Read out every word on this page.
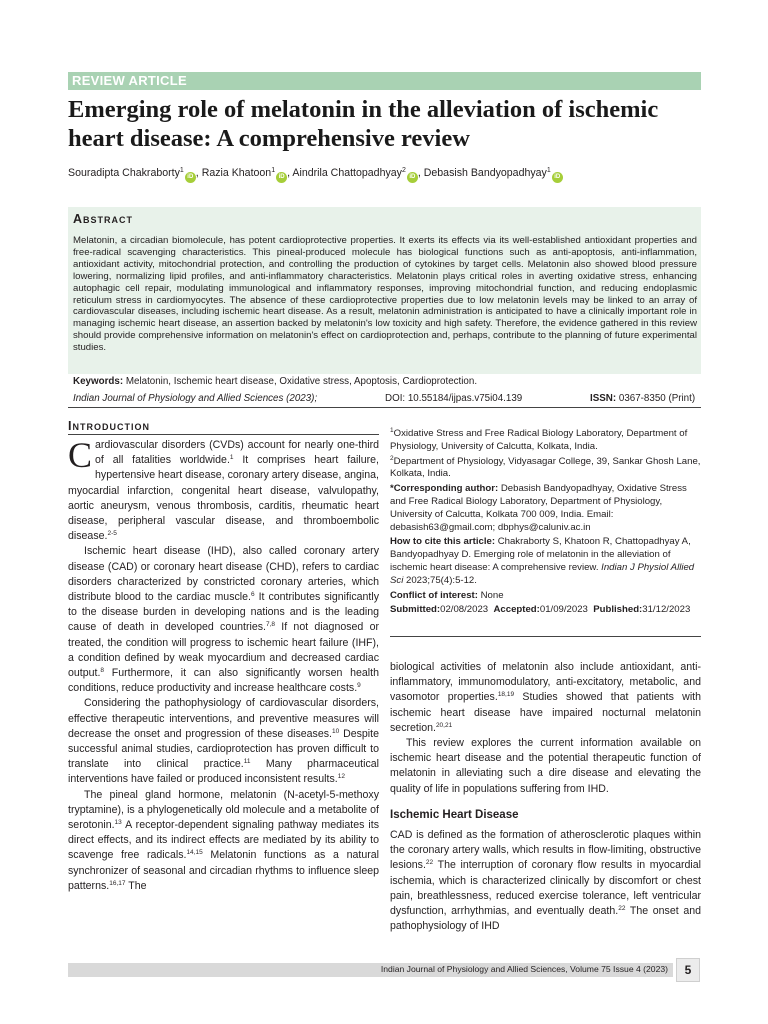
REVIEW ARTICLE
Emerging role of melatonin in the alleviation of ischemic heart disease: A comprehensive review
Souradipta Chakraborty$^1$iD , Razia Khatoon$^1$iD , Aindrila Chattopadhyay$^2$iD , Debasish Bandyopadhyay$^1$iD
Abstract

Melatonin, a circadian biomolecule, has potent cardioprotective properties. It exerts its effects via its well-established antioxidant properties and free-radical scavenging characteristics. This pineal-produced molecule has biological functions such as anti-apoptosis, anti-inflammation, antioxidant activity, mitochondrial protection, and controlling the production of cytokines by target cells. Melatonin also showed blood pressure lowering, normalizing lipid profiles, and anti-inflammatory characteristics. Melatonin plays critical roles in averting oxidative stress, enhancing autophagic cell repair, modulating immunological and inflammatory responses, improving mitochondrial function, and reducing endoplasmic reticulum stress in cardiomyocytes. The absence of these cardioprotective properties due to low melatonin levels may be linked to an array of cardiovascular diseases, including ischemic heart disease. As a result, melatonin administration is anticipated to have a clinically important role in managing ischemic heart disease, an assertion backed by melatonin's low toxicity and high safety. Therefore, the evidence gathered in this review should provide comprehensive information on melatonin's effect on cardioprotection and, perhaps, contribute to the planning of future experimental studies.

Keywords: Melatonin, Ischemic heart disease, Oxidative stress, Apoptosis, Cardioprotection.
Indian Journal of Physiology and Allied Sciences (2023);	DOI: 10.55184/ijpas.v75i04.139	ISSN: 0367-8350 (Print)
Introduction

Cardiovascular disorders (CVDs) account for nearly one-third of all fatalities worldwide.$^1$ It comprises heart failure, hypertensive heart disease, coronary artery disease, angina, myocardial infarction, congenital heart disease, valvulopathy, aortic aneurysm, venous thrombosis, carditis, rheumatic heart disease, peripheral vascular disease, and thromboembolic disease.$^{2-5}$

Ischemic heart disease (IHD), also called coronary artery disease (CAD) or coronary heart disease (CHD), refers to cardiac disorders characterized by constricted coronary arteries, which distribute blood to the cardiac muscle.$^6$ It contributes significantly to the disease burden in developing nations and is the leading cause of death in developed countries.$^{7,8}$ If not diagnosed or treated, the condition will progress to ischemic heart failure (IHF), a condition defined by weak myocardium and decreased cardiac output.$^8$ Furthermore, it can also significantly worsen health conditions, reduce productivity and increase healthcare costs.$^9$

Considering the pathophysiology of cardiovascular disorders, effective therapeutic interventions, and preventive measures will decrease the onset and progression of these diseases.$^{10}$ Despite successful animal studies, cardioprotection has proven difficult to translate into clinical practice.$^{11}$ Many pharmaceutical interventions have failed or produced inconsistent results.$^{12}$

The pineal gland hormone, melatonin (N-acetyl-5-methoxy tryptamine), is a phylogenetically old molecule and a metabolite of serotonin.$^{13}$ A receptor-dependent signaling pathway mediates its direct effects, and its indirect effects are mediated by its ability to scavenge free radicals.$^{14,15}$ Melatonin functions as a natural synchronizer of seasonal and circadian rhythms to influence sleep patterns.$^{16,17}$ The

$^1$Oxidative Stress and Free Radical Biology Laboratory, Department of Physiology, University of Calcutta, Kolkata, India.

$^2$Department of Physiology, Vidyasagar College, 39, Sankar Ghosh Lane, Kolkata, India.

*Corresponding author: Debasish Bandyopadhyay, Oxidative Stress and Free Radical Biology Laboratory, Department of Physiology, University of Calcutta, Kolkata 700 009, India. Email: debasish63@gmail.com; dbphys@caluniv.ac.in

How to cite this article: Chakraborty S, Khatoon R, Chattopadhyay A, Bandyopadhyay D. Emerging role of melatonin in the alleviation of ischemic heart disease: A comprehensive review. Indian J Physiol Allied Sci 2023;75(4):5-12.

Conflict of interest: None

Submitted:02/08/2023 Accepted:01/09/2023 Published:31/12/2023

biological activities of melatonin also include antioxidant, anti-inflammatory, immunomodulatory, anti-excitatory, metabolic, and vasomotor properties.$^{18,19}$ Studies showed that patients with ischemic heart disease have impaired nocturnal melatonin secretion.$^{20,21}$

This review explores the current information available on ischemic heart disease and the potential therapeutic function of melatonin in alleviating such a dire disease and elevating the quality of life in populations suffering from IHD.

Ischemic Heart Disease

CAD is defined as the formation of atherosclerotic plaques within the coronary artery walls, which results in flow-limiting, obstructive lesions.$^{22}$ The interruption of coronary flow results in myocardial ischemia, which is characterized clinically by discomfort or chest pain, breathlessness, reduced exercise tolerance, left ventricular dysfunction, arrhythmias, and eventually death.$^{22}$ The onset and pathophysiology of IHD

Indian Journal of Physiology and Allied Sciences, Volume 75 Issue 4 (2023)	5
